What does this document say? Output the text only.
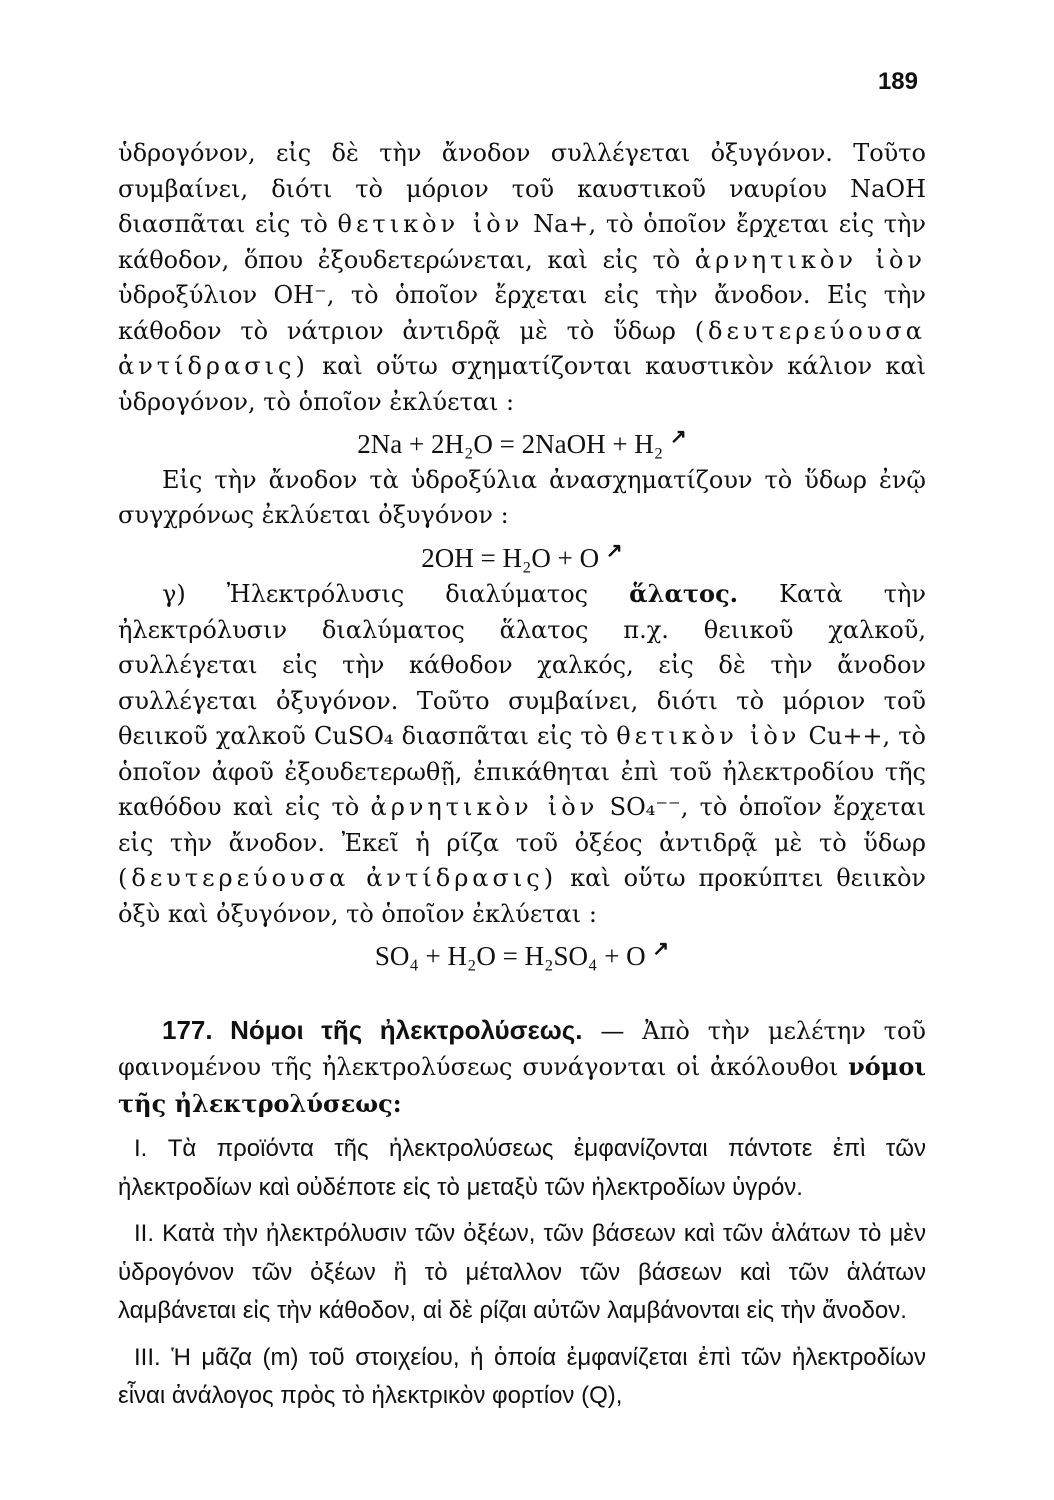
189

ὑδρογόνον, εἰς δὲ τὴν ἄνοδον συλλέγεται ὀξυγόνον. Τοῦτο συμβαίνει, διότι τὸ μόριον τοῦ καυστικοῦ ναυρίου NaOH διασπᾶται εἰς τὸ θετικὸν ἰὸν Na+, τὸ ὁποῖον ἔρχεται εἰς τὴν κάθοδον, ὅπου ἐξουδετερώνεται, καὶ εἰς τὸ ἀρνητικὸν ἰὸν ὑδροξύλιον OH⁻, τὸ ὁποῖον ἔρχεται εἰς τὴν ἄνοδον. Εἰς τὴν κάθοδον τὸ νάτριον ἀντιδρᾷ μὲ τὸ ὕδωρ (δευτερεύουσα ἀντίδρασις) καὶ οὕτω σχηματίζονται καυστικὸν κάλιον καὶ ὑδρογόνον, τὸ ὁποῖον ἐκλύεται :

2Na + 2H₂O = 2NaOH + H₂ ↗

Εἰς τὴν ἄνοδον τὰ ὑδροξύλια ἀνασχηματίζουν τὸ ὕδωρ ἐνῷ συγχρόνως ἐκλύεται ὀξυγόνον :

2OH = H₂O + O ↗

γ) Ἠλεκτρόλυσις διαλύματος ἅλατος. Κατὰ τὴν ἠλεκτρόλυσιν διαλύματος ἅλατος π.χ. θειικοῦ χαλκοῦ, συλλέγεται εἰς τὴν κάθοδον χαλκός, εἰς δὲ τὴν ἄνοδον συλλέγεται ὀξυγόνον. Τοῦτο συμβαίνει, διότι τὸ μόριον τοῦ θειικοῦ χαλκοῦ CuSO₄ διασπᾶται εἰς τὸ θετικὸν ἰὸν Cu++, τὸ ὁποῖον ἀφοῦ ἐξουδετερωθῇ, ἐπικάθηται ἐπὶ τοῦ ἠλεκτροδίου τῆς καθόδου καὶ εἰς τὸ ἀρνητικὸν ἰὸν SO₄⁻⁻, τὸ ὁποῖον ἔρχεται εἰς τὴν ἄνοδον. Ἐκεῖ ἡ ρίζα τοῦ ὀξέος ἀντιδρᾷ μὲ τὸ ὕδωρ (δευτερεύουσα ἀντίδρασις) καὶ οὕτω προκύπτει θειικὸν ὀξὺ καὶ ὀξυγόνον, τὸ ὁποῖον ἐκλύεται :

SO₄ + H₂O = H₂SO₄ + O ↗

177. Νόμοι τῆς ἠλεκτρολύσεως. — Ἀπὸ τὴν μελέτην τοῦ φαινομένου τῆς ἠλεκτρολύσεως συνάγονται οἱ ἀκόλουθοι νόμοι τῆς ἠλεκτρολύσεως:

I. Τὰ προϊόντα τῆς ἠλεκτρολύσεως ἐμφανίζονται πάντοτε ἐπὶ τῶν ἠλεκτροδίων καὶ οὐδέποτε εἰς τὸ μεταξὺ τῶν ἠλεκτροδίων ὑγρόν.

II. Κατὰ τὴν ἠλεκτρόλυσιν τῶν ὀξέων, τῶν βάσεων καὶ τῶν ἁλάτων τὸ μὲν ὑδρογόνον τῶν ὀξέων ἢ τὸ μέταλλον τῶν βάσεων καὶ τῶν ἁλάτων λαμβάνεται εἰς τὴν κάθοδον, αἱ δὲ ρίζαι αὐτῶν λαμβάνονται εἰς τὴν ἄνοδον.

III. Ἡ μᾶζα (m) τοῦ στοιχείου, ἡ ὁποία ἐμφανίζεται ἐπὶ τῶν ἠλεκτροδίων εἶναι ἀνάλογος πρὸς τὸ ἠλεκτρικὸν φορτίον (Q),
